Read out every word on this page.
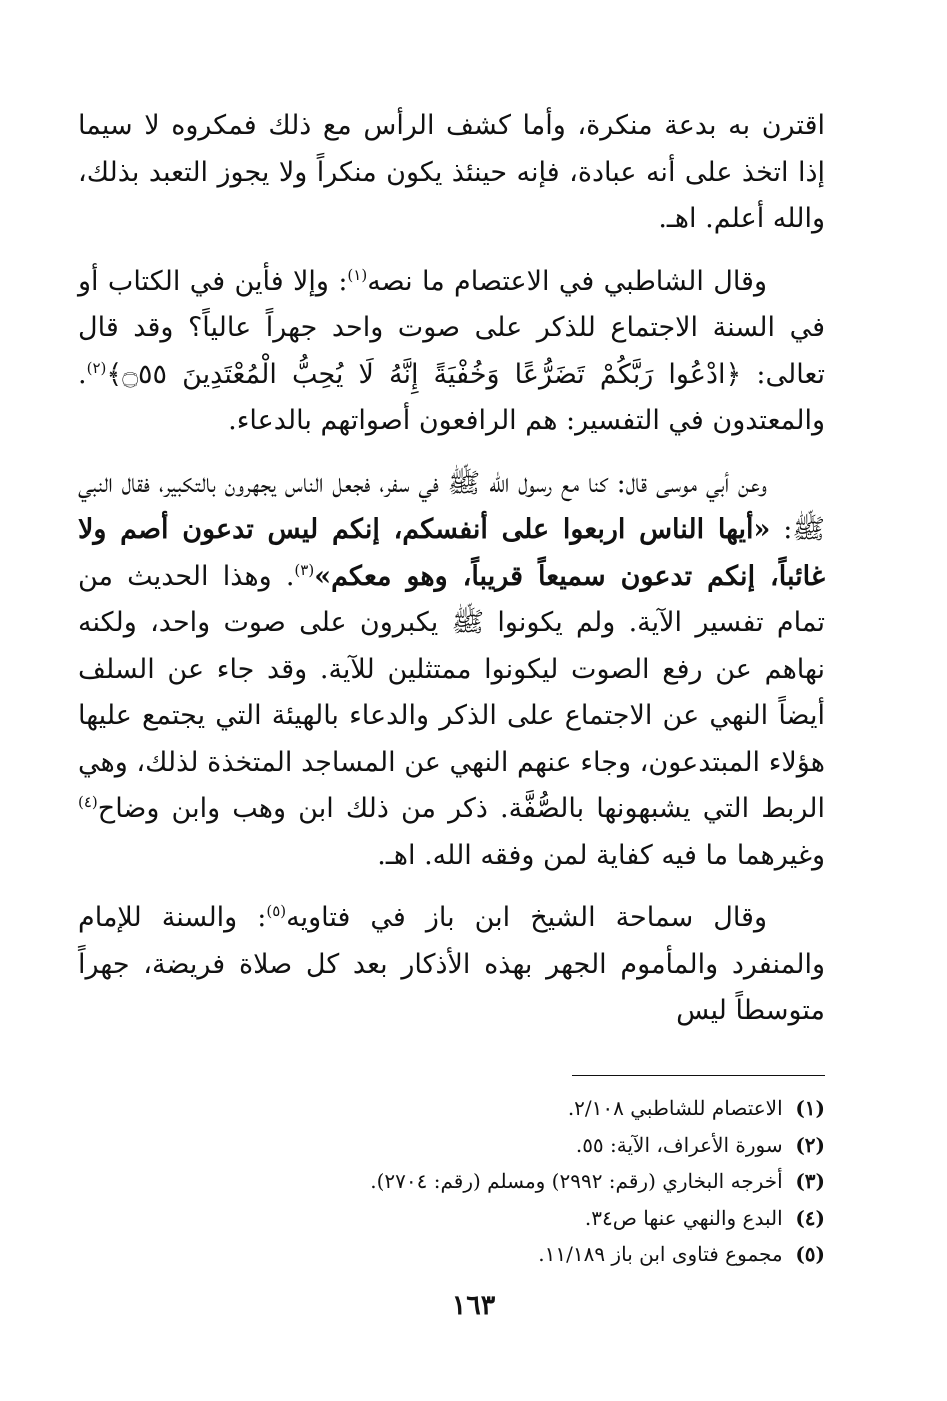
اقترن به بدعة منكرة، وأما كشف الرأس مع ذلك فمكروه لا سيما إذا اتخذ على أنه عبادة، فإنه حينئذ يكون منكراً ولا يجوز التعبد بذلك، والله أعلم. اهـ.

وقال الشاطبي في الاعتصام ما نصه$^{(١)}$: وإلا فأين في الكتاب أو في السنة الاجتماع للذكر على صوت واحد جهراً عالياً؟ وقد قال تعالى: ﴿ادْعُوا رَبَّكُمْ تَضَرُّعًا وَخُفْيَةً إِنَّهُ لَا يُحِبُّ الْمُعْتَدِينَ ۝٥٥﴾$^{(٢)}$. والمعتدون في التفسير: هم الرافعون أصواتهم بالدعاء.

وعن أبي موسى قال: كنا مع رسول الله ﷺ في سفر، فجعل الناس يجهرون بالتكبير، فقال النبي ﷺ: «أيها الناس اربعوا على أنفسكم، إنكم ليس تدعون أصم ولا غائباً، إنكم تدعون سميعاً قريباً، وهو معكم»$^{(٣)}$. وهذا الحديث من تمام تفسير الآية. ولم يكونوا ﷺ يكبرون على صوت واحد، ولكنه نهاهم عن رفع الصوت ليكونوا ممتثلين للآية. وقد جاء عن السلف أيضاً النهي عن الاجتماع على الذكر والدعاء بالهيئة التي يجتمع عليها هؤلاء المبتدعون، وجاء عنهم النهي عن المساجد المتخذة لذلك، وهي الربط التي يشبهونها بالصُّفَّة. ذكر من ذلك ابن وهب وابن وضاح$^{(٤)}$ وغيرهما ما فيه كفاية لمن وفقه الله. اهـ.

وقال سماحة الشيخ ابن باز في فتاويه$^{(٥)}$: والسنة للإمام والمنفرد والمأموم الجهر بهذه الأذكار بعد كل صلاة فريضة، جهراً متوسطاً ليس

(١) الاعتصام للشاطبي ٢/١٠٨.
(٢) سورة الأعراف، الآية: ٥٥.
(٣) أخرجه البخاري (رقم: ٢٩٩٢) ومسلم (رقم: ٢٧٠٤).
(٤) البدع والنهي عنها ص٣٤.
(٥) مجموع فتاوى ابن باز ١١/١٨٩.
١٦٣
